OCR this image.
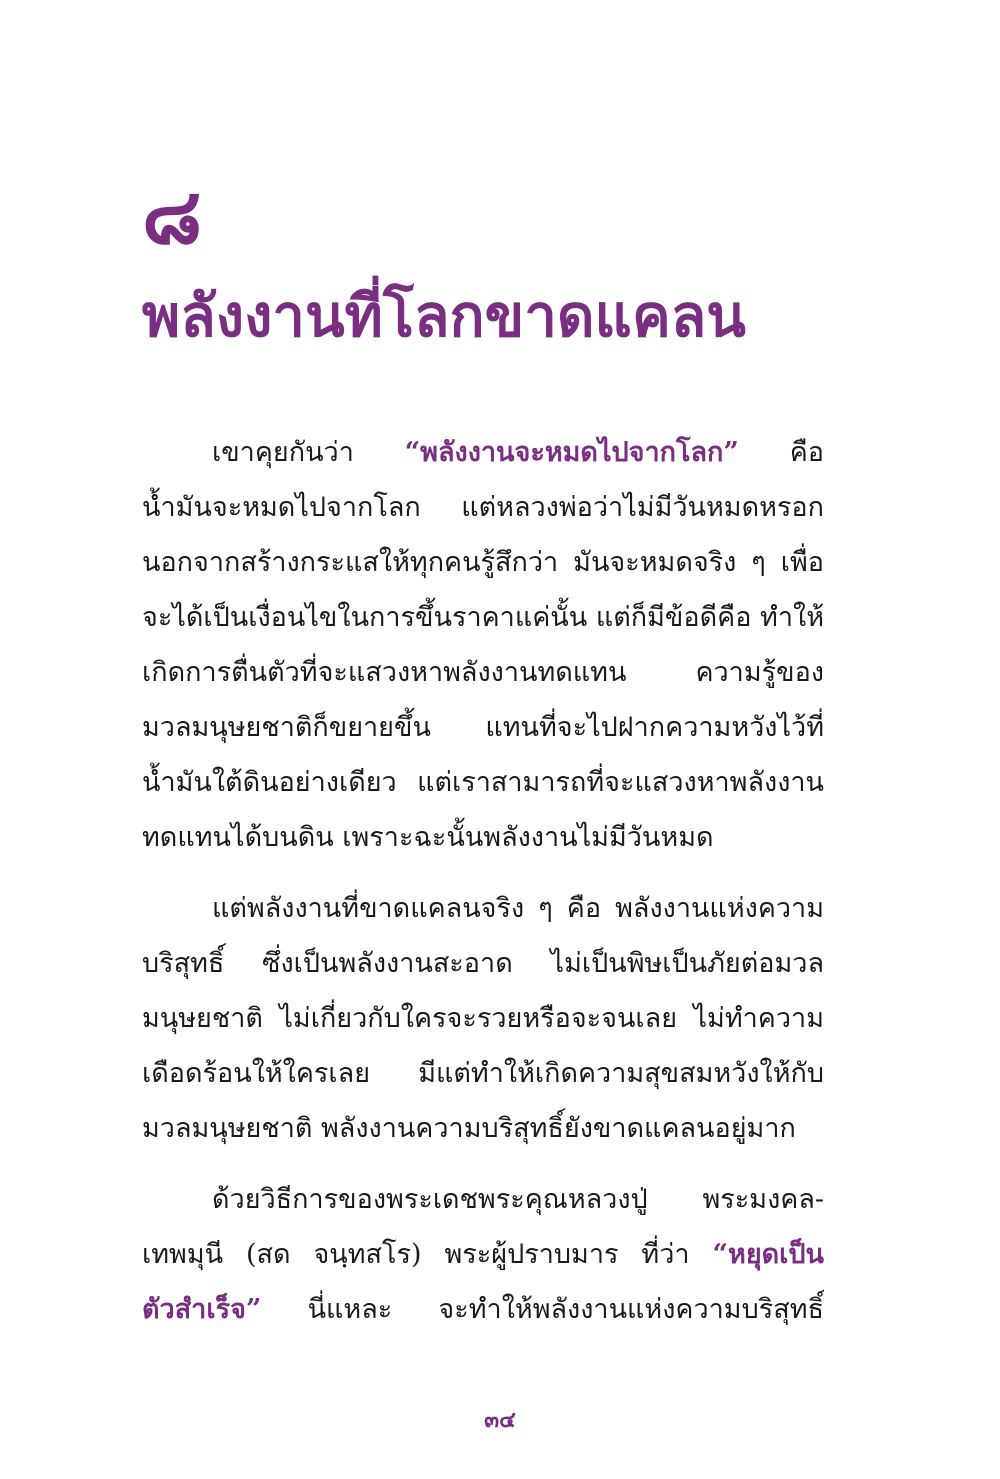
๘
พลังงานที่โลกขาดแคลน
เขาคุยกันว่า “พลังงานจะหมดไปจากโลก” คือ
น้ำมันจะหมดไปจากโลก แต่หลวงพ่อว่าไม่มีวันหมดหรอก
นอกจากสร้างกระแสให้ทุกคนรู้สึกว่า มันจะหมดจริง ๆ เพื่อ
จะได้เป็นเงื่อนไขในการขึ้นราคาแค่นั้น แต่ก็มีข้อดีคือ ทำให้
เกิดการตื่นตัวที่จะแสวงหาพลังงานทดแทน ความรู้ของ
มวลมนุษยชาติก็ขยายขึ้น แทนที่จะไปฝากความหวังไว้ที่
น้ำมันใต้ดินอย่างเดียว แต่เราสามารถที่จะแสวงหาพลังงาน
ทดแทนได้บนดิน เพราะฉะนั้นพลังงานไม่มีวันหมด
แต่พลังงานที่ขาดแคลนจริง ๆ คือ พลังงานแห่งความ
บริสุทธิ์ ซึ่งเป็นพลังงานสะอาด ไม่เป็นพิษเป็นภัยต่อมวล
มนุษยชาติ ไม่เกี่ยวกับใครจะรวยหรือจะจนเลย ไม่ทำความ
เดือดร้อนให้ใครเลย มีแต่ทำให้เกิดความสุขสมหวังให้กับ
มวลมนุษยชาติ พลังงานความบริสุทธิ์ยังขาดแคลนอยู่มาก
ด้วยวิธีการของพระเดชพระคุณหลวงปู่ พระมงคล-
เทพมุนี (สด จนฺทสโร) พระผู้ปราบมาร ที่ว่า “หยุดเป็น
ตัวสำเร็จ” นี่แหละ จะทำให้พลังงานแห่งความบริสุทธิ์
๓๔
